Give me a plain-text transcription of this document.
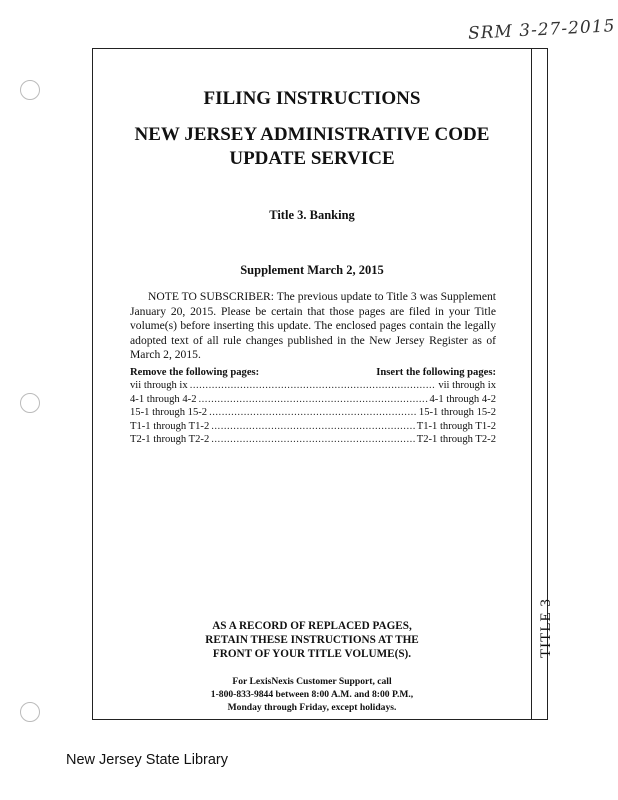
SRM 3-27-2015
TITLE 3
FILING INSTRUCTIONS
NEW JERSEY ADMINISTRATIVE CODE
UPDATE SERVICE
Title 3. Banking
Supplement March 2, 2015
NOTE TO SUBSCRIBER: The previous update to Title 3 was Supplement January 20, 2015. Please be certain that those pages are filed in your Title volume(s) before inserting this update. The enclosed pages contain the legally adopted text of all rule changes published in the New Jersey Register as of March 2, 2015.
Remove the following pages:	Insert the following pages:
vii through ix .....	vii through ix
4-1 through 4-2 .....	4-1 through 4-2
15-1 through 15-2 .....	15-1 through 15-2
T1-1 through T1-2 .....	T1-1 through T1-2
T2-1 through T2-2 .....	T2-1 through T2-2
AS A RECORD OF REPLACED PAGES,
RETAIN THESE INSTRUCTIONS AT THE
FRONT OF YOUR TITLE VOLUME(S).
For LexisNexis Customer Support, call
1-800-833-9844 between 8:00 A.M. and 8:00 P.M.,
Monday through Friday, except holidays.
New Jersey State Library
